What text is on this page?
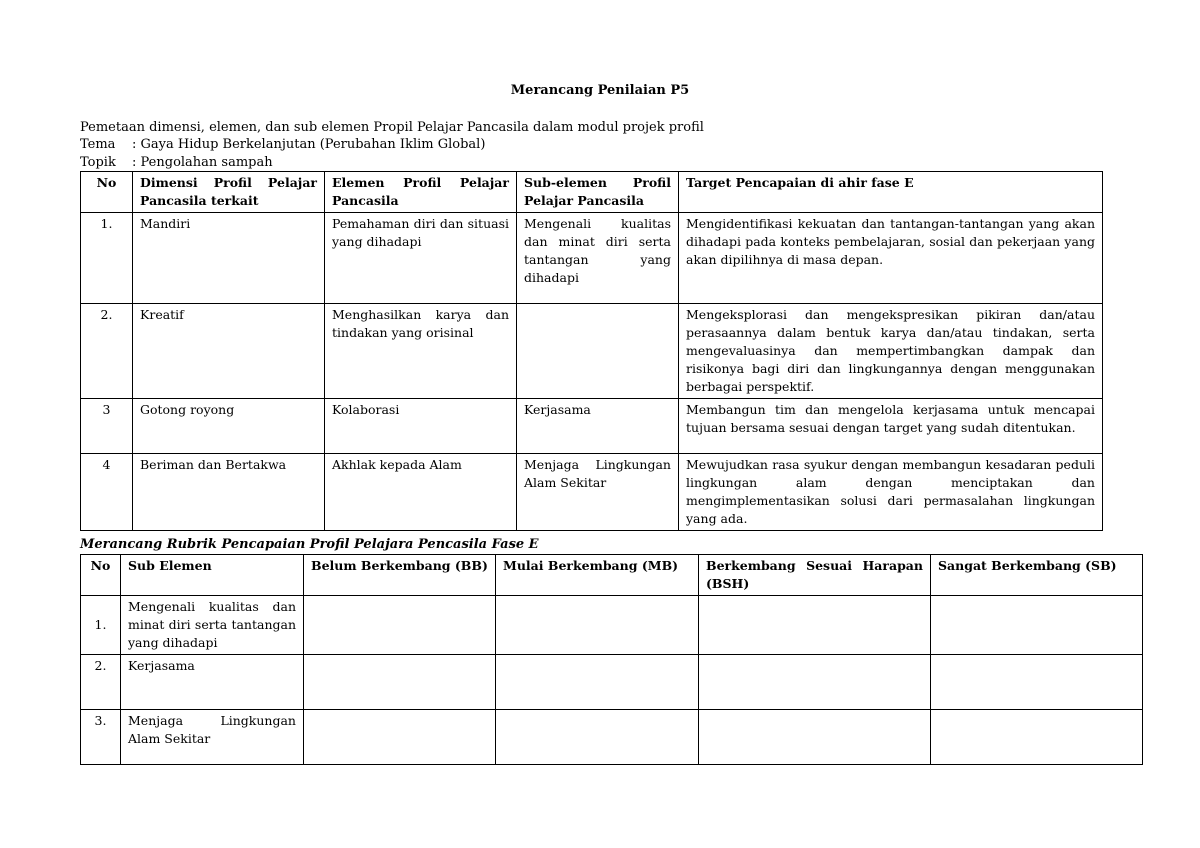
Merancang Penilaian P5
Pemetaan dimensi, elemen, dan sub elemen Propil Pelajar Pancasila dalam modul projek profil
Tema : Gaya Hidup Berkelanjutan (Perubahan Iklim Global)
Topik : Pengolahan sampah
No	Dimensi Profil Pelajar Pancasila terkait	Elemen Profil Pelajar Pancasila	Sub-elemen Profil Pelajar Pancasila	Target Pencapaian di ahir fase E
1.	Mandiri	Pemahaman diri dan situasi yang dihadapi	Mengenali kualitas dan minat diri serta tantangan yang dihadapi	Mengidentifikasi kekuatan dan tantangan-tantangan yang akan dihadapi pada konteks pembelajaran, sosial dan pekerjaan yang akan dipilihnya di masa depan.
2.	Kreatif	Menghasilkan karya dan tindakan yang orisinal		Mengeksplorasi dan mengekspresikan pikiran dan/atau perasaannya dalam bentuk karya dan/atau tindakan, serta mengevaluasinya dan mempertimbangkan dampak dan risikonya bagi diri dan lingkungannya dengan menggunakan berbagai perspektif.
3	Gotong royong	Kolaborasi	Kerjasama	Membangun tim dan mengelola kerjasama untuk mencapai tujuan bersama sesuai dengan target yang sudah ditentukan.
4	Beriman dan Bertakwa	Akhlak kepada Alam	Menjaga Lingkungan Alam Sekitar	Mewujudkan rasa syukur dengan membangun kesadaran peduli lingkungan alam dengan menciptakan dan mengimplementasikan solusi dari permasalahan lingkungan yang ada.
Merancang Rubrik Pencapaian Profil Pelajara Pencasila Fase E
No	Sub Elemen	Belum Berkembang (BB)	Mulai Berkembang (MB)	Berkembang Sesuai Harapan (BSH)	Sangat Berkembang (SB)
1.	Mengenali kualitas dan minat diri serta tantangan yang dihadapi				
2.	Kerjasama				
3.	Menjaga Lingkungan Alam Sekitar				
